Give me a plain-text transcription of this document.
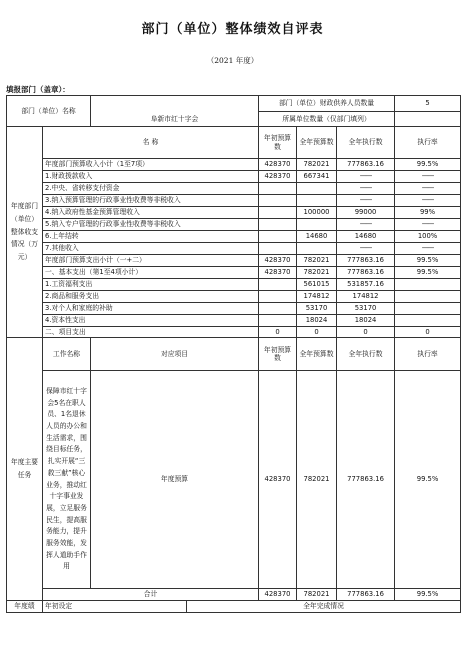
部门（单位）整体绩效自评表
（2021 年度）
填报部门（盖章）：
部门（单位）名称		阜新市红十字会		部门（单位）财政供养人员数量			5
				所属单位数量（仅部门填列）			
年度部门（单位）整体收支情况（万元）	名 称			年初预算数	全年预算数	全年执行数	执行率
	年度部门预算收入小计（1至7项）			428370	782021	777863.16	99.5%
	1.财政拨款收入			428370	667341	——	——
	2.中央、省转移支付资金					——	——
	3.纳入预算管理的行政事业性收费等非税收入					——	——
	4.纳入政府性基金预算管理收入				100000	99000	99%
	5.纳入专户管理的行政事业性收费等非税收入					——	——
	6.上年结转				14680	14680	100%
	7.其他收入					——	——
	年度部门预算支出小计（一+二）			428370	782021	777863.16	99.5%
	一、基本支出（第1至4项小计）			428370	782021	777863.16	99.5%
	1.工资福利支出				561015	531857.16	
	2.商品和服务支出				174812	174812	
	3.对个人和家庭的补助				53170	53170	
	4.资本性支出				18024	18024	
	二、项目支出			0	0	0	0
年度主要任务	工作名称	对应项目		年初预算数	全年预算数	全年执行数	执行率
	保障市红十字会5名在职人员、1名退休人员的办公和生活需求，围绕目标任务，扎实开展“三救三献”核心业务，推动红十字事业发展，立足服务民生，提高服务能力，提升服务效能，发挥人道助手作用	年度预算		428370	782021	777863.16	99.5%
	合计			428370	782021	777863.16	99.5%
年度绩	年初设定		全年完成情况				
